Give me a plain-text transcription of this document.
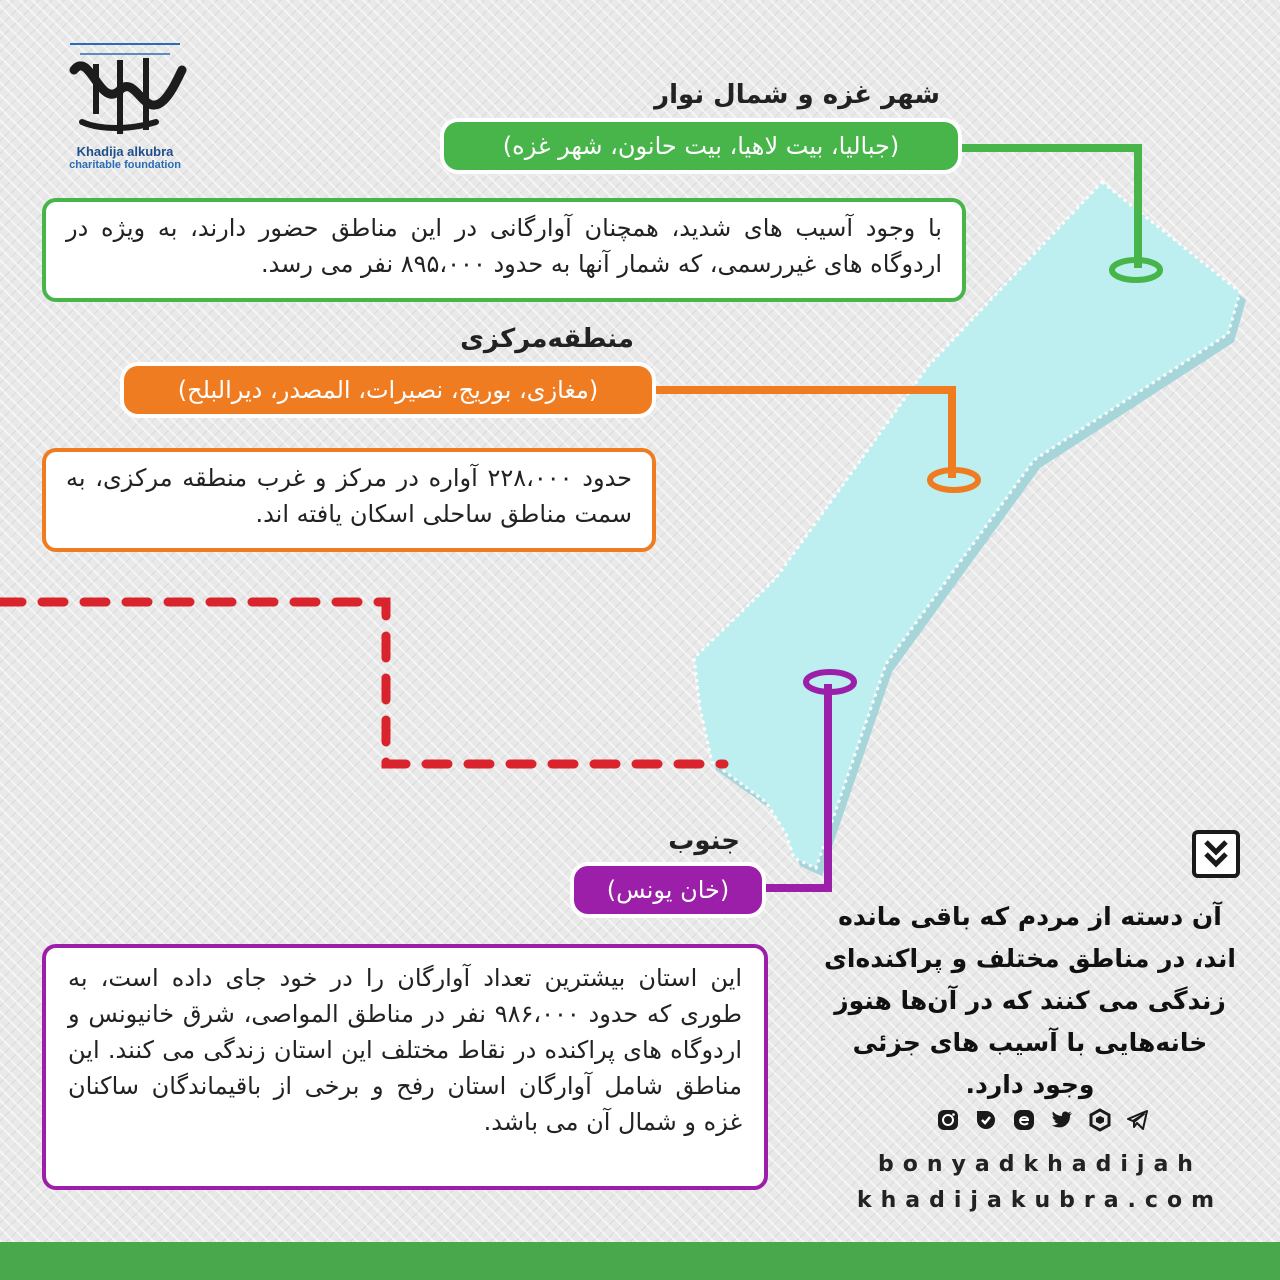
Khadija alkubra
charitable foundation
شهر غزه و شمال نوار
(جبالیا، بیت لاهیا، بیت حانون، شهر غزه)
با وجود آسیب های شدید، همچنان آوارگانی در این مناطق حضور دارند، به ویژه در اردوگاه های غیررسمی، که شمار آنها به حدود ۸۹۵،۰۰۰ نفر می رسد.
منطقه‌مرکزی
(مغازی، بوریج، نصیرات، المصدر، دیرالبلح)
حدود ۲۲۸،۰۰۰ آواره در مرکز و غرب منطقه مرکزی، به سمت مناطق ساحلی اسکان یافته اند.
جنوب
(خان یونس)
این استان بیشترین تعداد آوارگان را در خود جای داده است، به طوری که حدود ۹۸۶،۰۰۰ نفر در مناطق المواصی، شرق خانیونس و اردوگاه های پراکنده در نقاط مختلف این استان زندگی می کنند. این مناطق شامل آوارگان استان رفح و برخی از باقیماندگان ساکنان غزه و شمال آن می باشد.
آن دسته از مردم که باقی مانده اند، در مناطق مختلف و پراکنده‌ای زندگی می کنند که در آن‌ها هنوز خانه‌هایی با آسیب های جزئی وجود دارد.
bonyadkhadijah
khadijakubra.com
